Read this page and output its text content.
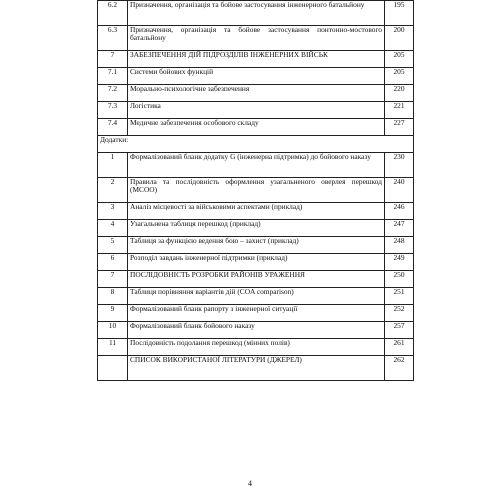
6.2	Призначення, організація та бойове застосування інженерного батальйону	195
6.3	Призначення, організація та бойове застосування понтонно-мостового батальйону	200
7	ЗАБЕЗПЕЧЕННЯ ДІЙ ПІДРОЗДІЛІВ ІНЖЕНЕРНИХ ВІЙСЬК	205
7.1	Системи бойових функцій	205
7.2	Морально-психологічне забезпечення	220
7.3	Логістика	221
7.4	Медичне забезпечення особового складу	227
Додатки:		
1	Формалізований бланк додатку G (інженерна підтримка) до бойового наказу	230
2	Правила та послідовність оформлення узагальненого оверлея перешкод (МСОО)	240
3	Аналіз місцевості за військовими аспектами (приклад)	246
4	Узагальнена таблиця перешкод (приклад)	247
5	Таблиця за функцією ведення бою – захист (приклад)	248
6	Розподіл завдань інженерної підтримки (приклад)	249
7	ПОСЛІДОВНІСТЬ РОЗРОБКИ РАЙОНІВ УРАЖЕННЯ	250
8	Таблиця порівняння варіантів дій (COA comparison)	251
9	Формалізований бланк рапорту з інженерної ситуації	252
10	Формалізований бланк бойового наказу	257
11	Послідовність подолання перешкод (мінних полів)	261
	СПИСОК ВИКОРИСТАНОЇ ЛІТЕРАТУРИ (ДЖЕРЕЛ)	262
4
